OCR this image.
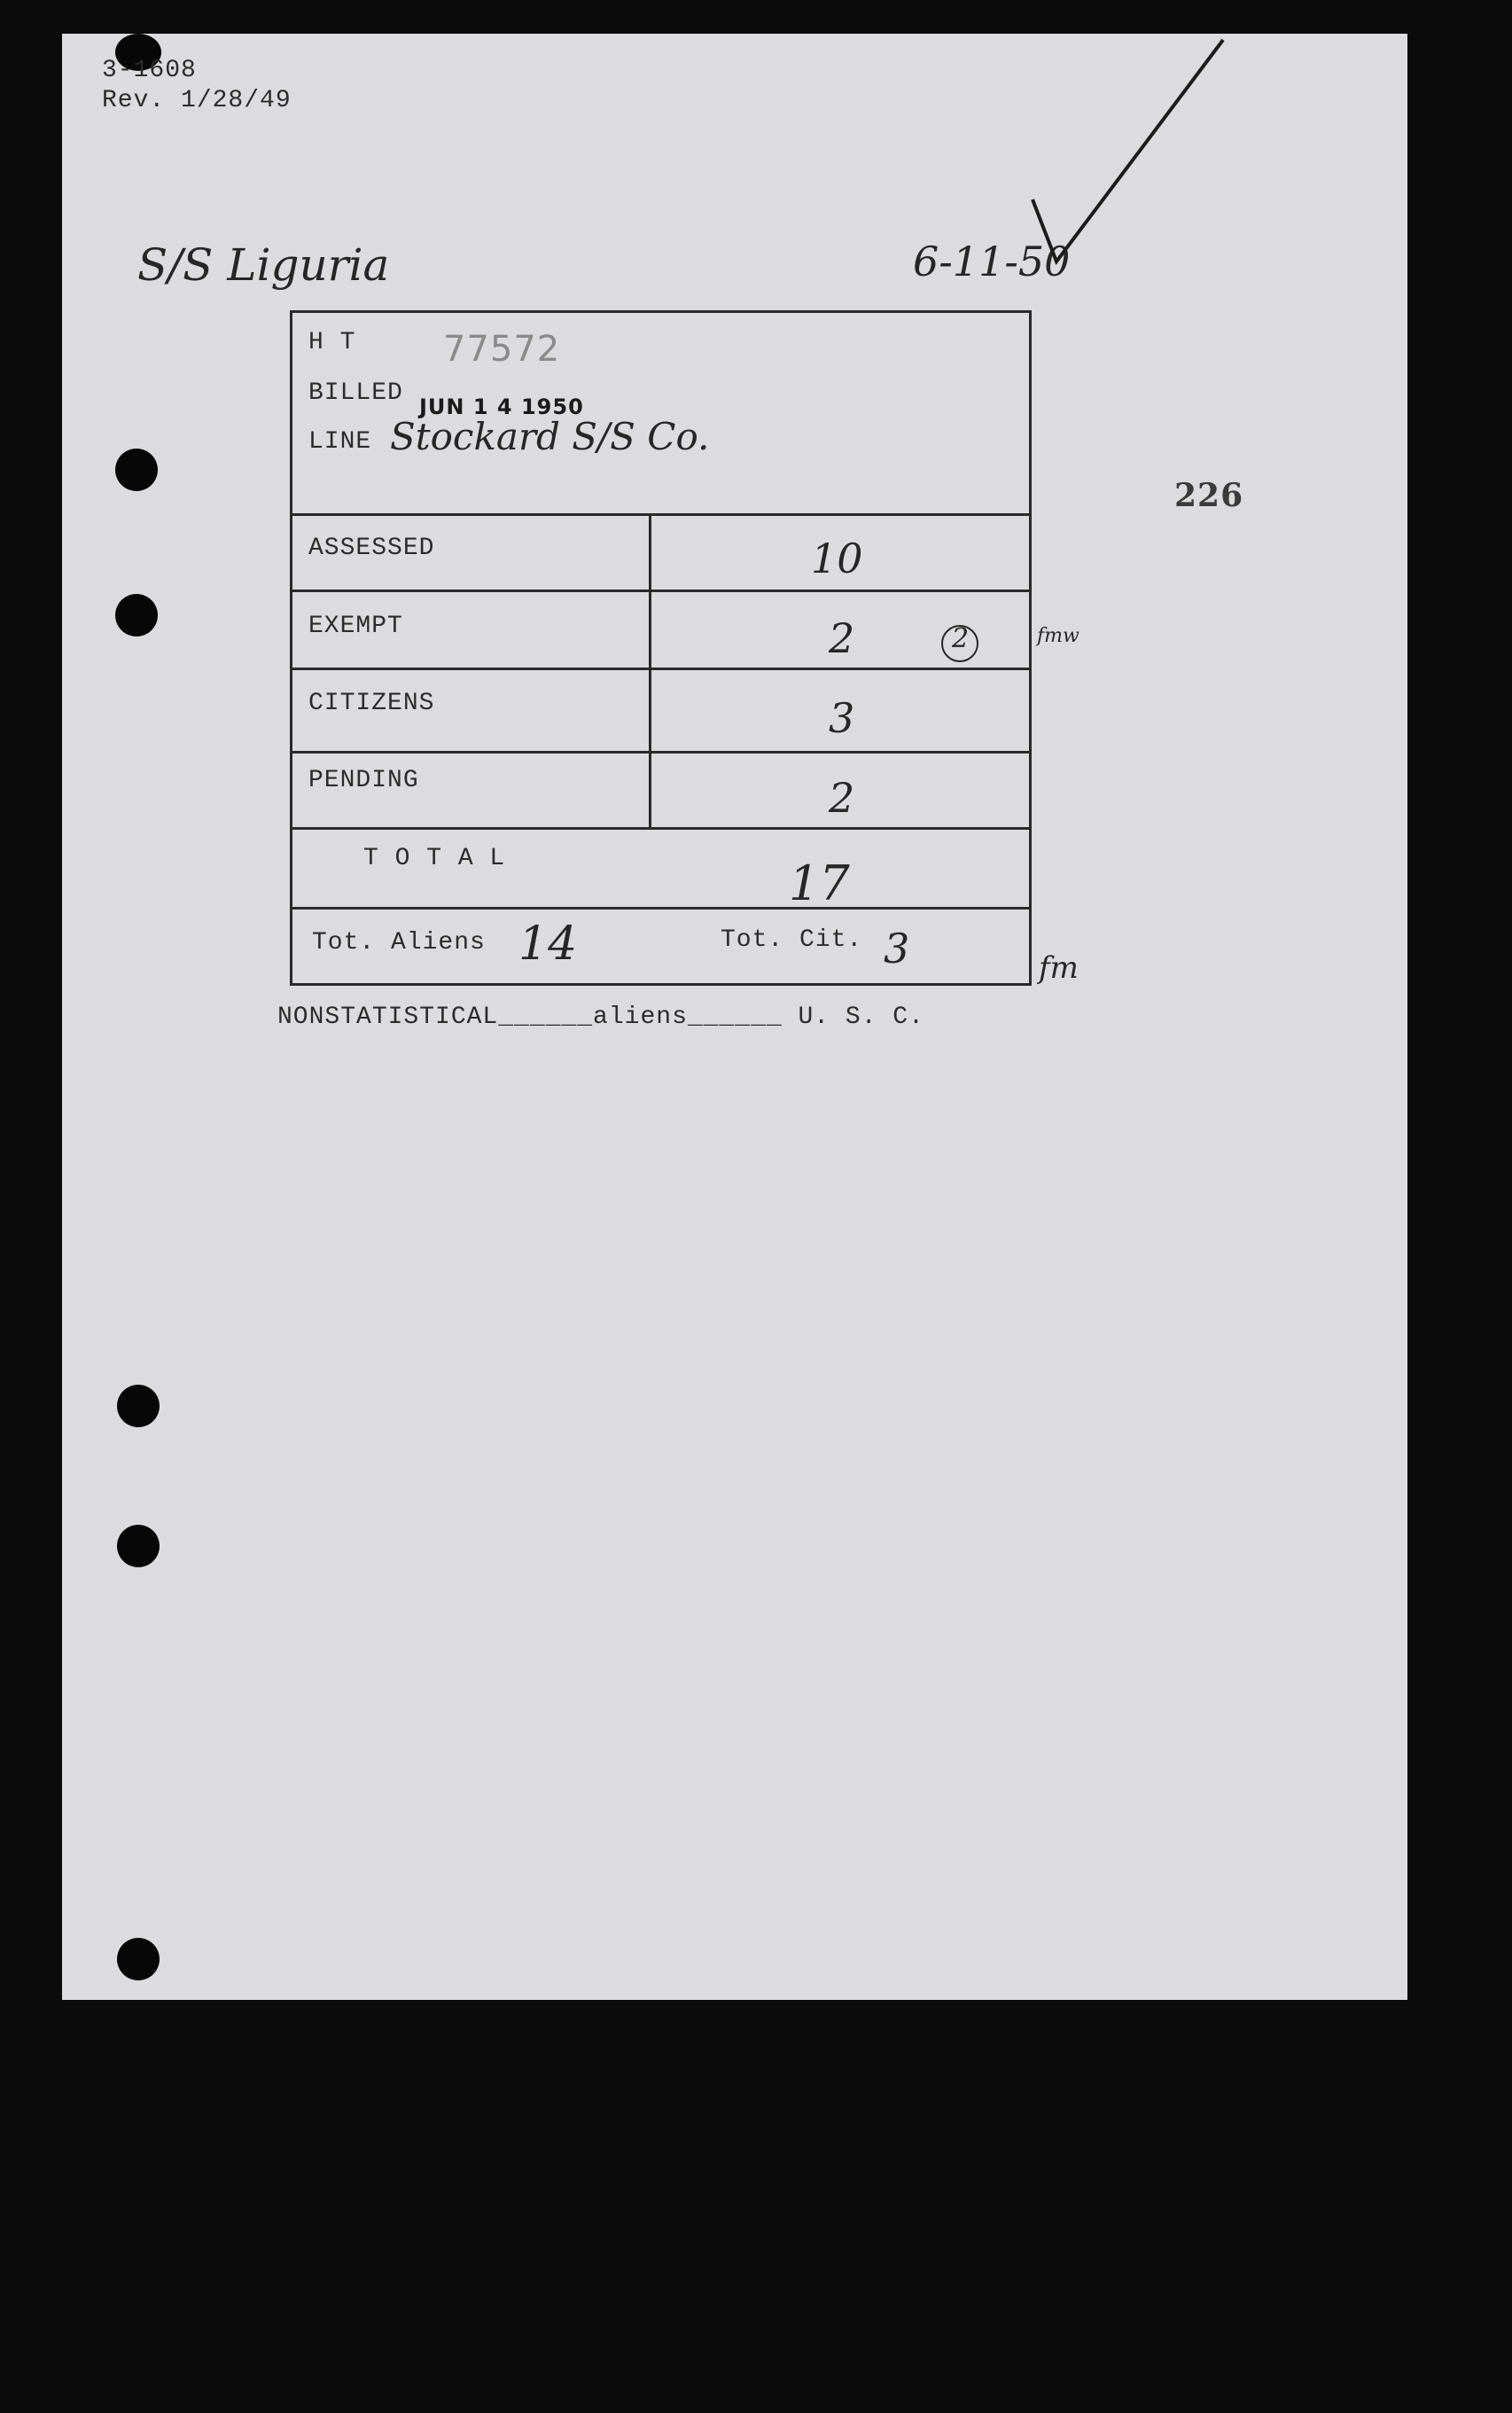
3-1608
Rev. 1/28/49
S/S Liguria	6-11-50
226
H T 77572
BILLED JUN 1 4 1950
LINE Stockard S/S Co.
ASSESSED	10
EXEMPT	2	2
CITIZENS	3
PENDING	2
T O T A L	17
Tot. Aliens 14	Tot. Cit. 3
fmw
fm
NONSTATISTICAL______aliens______ U. S. C.
